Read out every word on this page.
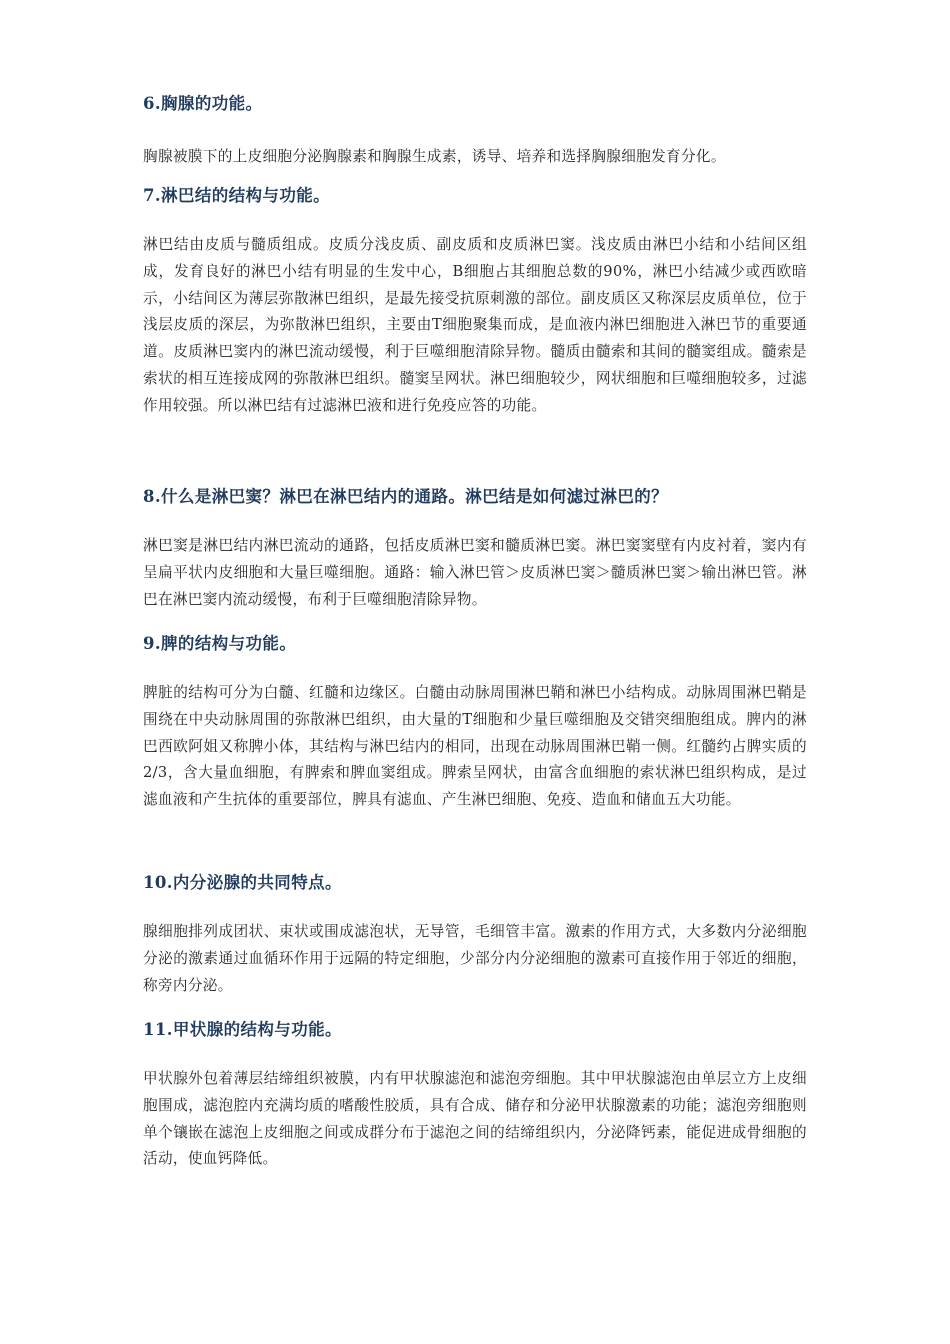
6.胸腺的功能。

胸腺被膜下的上皮细胞分泌胸腺素和胸腺生成素，诱导、培养和选择胸腺细胞发育分化。

7.淋巴结的结构与功能。

淋巴结由皮质与髓质组成。皮质分浅皮质、副皮质和皮质淋巴窦。浅皮质由淋巴小结和小结间区组成，发育良好的淋巴小结有明显的生发中心，B细胞占其细胞总数的90%，淋巴小结减少或西欧暗示，小结间区为薄层弥散淋巴组织，是最先接受抗原刺激的部位。副皮质区又称深层皮质单位，位于浅层皮质的深层，为弥散淋巴组织，主要由T细胞聚集而成，是血液内淋巴细胞进入淋巴节的重要通道。皮质淋巴窦内的淋巴流动缓慢，利于巨噬细胞清除异物。髓质由髓索和其间的髓窦组成。髓索是索状的相互连接成网的弥散淋巴组织。髓窦呈网状。淋巴细胞较少，网状细胞和巨噬细胞较多，过滤作用较强。所以淋巴结有过滤淋巴液和进行免疫应答的功能。

8.什么是淋巴窦？淋巴在淋巴结内的通路。淋巴结是如何滤过淋巴的？

淋巴窦是淋巴结内淋巴流动的通路，包括皮质淋巴窦和髓质淋巴窦。淋巴窦窦壁有内皮衬着，窦内有呈扁平状内皮细胞和大量巨噬细胞。通路：输入淋巴管＞皮质淋巴窦＞髓质淋巴窦＞输出淋巴管。淋巴在淋巴窦内流动缓慢，布利于巨噬细胞清除异物。

9.脾的结构与功能。

脾脏的结构可分为白髓、红髓和边缘区。白髓由动脉周围淋巴鞘和淋巴小结构成。动脉周围淋巴鞘是围绕在中央动脉周围的弥散淋巴组织，由大量的T细胞和少量巨噬细胞及交错突细胞组成。脾内的淋巴西欧阿姐又称脾小体，其结构与淋巴结内的相同，出现在动脉周围淋巴鞘一侧。红髓约占脾实质的2/3，含大量血细胞，有脾索和脾血窦组成。脾索呈网状，由富含血细胞的索状淋巴组织构成，是过滤血液和产生抗体的重要部位，脾具有滤血、产生淋巴细胞、免疫、造血和储血五大功能。

10.内分泌腺的共同特点。

腺细胞排列成团状、束状或围成滤泡状，无导管，毛细管丰富。激素的作用方式，大多数内分泌细胞分泌的激素通过血循环作用于远隔的特定细胞，少部分内分泌细胞的激素可直接作用于邻近的细胞，称旁内分泌。

11.甲状腺的结构与功能。

甲状腺外包着薄层结缔组织被膜，内有甲状腺滤泡和滤泡旁细胞。其中甲状腺滤泡由单层立方上皮细胞围成，滤泡腔内充满均质的嗜酸性胶质，具有合成、储存和分泌甲状腺激素的功能；滤泡旁细胞则单个镶嵌在滤泡上皮细胞之间或成群分布于滤泡之间的结缔组织内，分泌降钙素，能促进成骨细胞的活动，使血钙降低。
